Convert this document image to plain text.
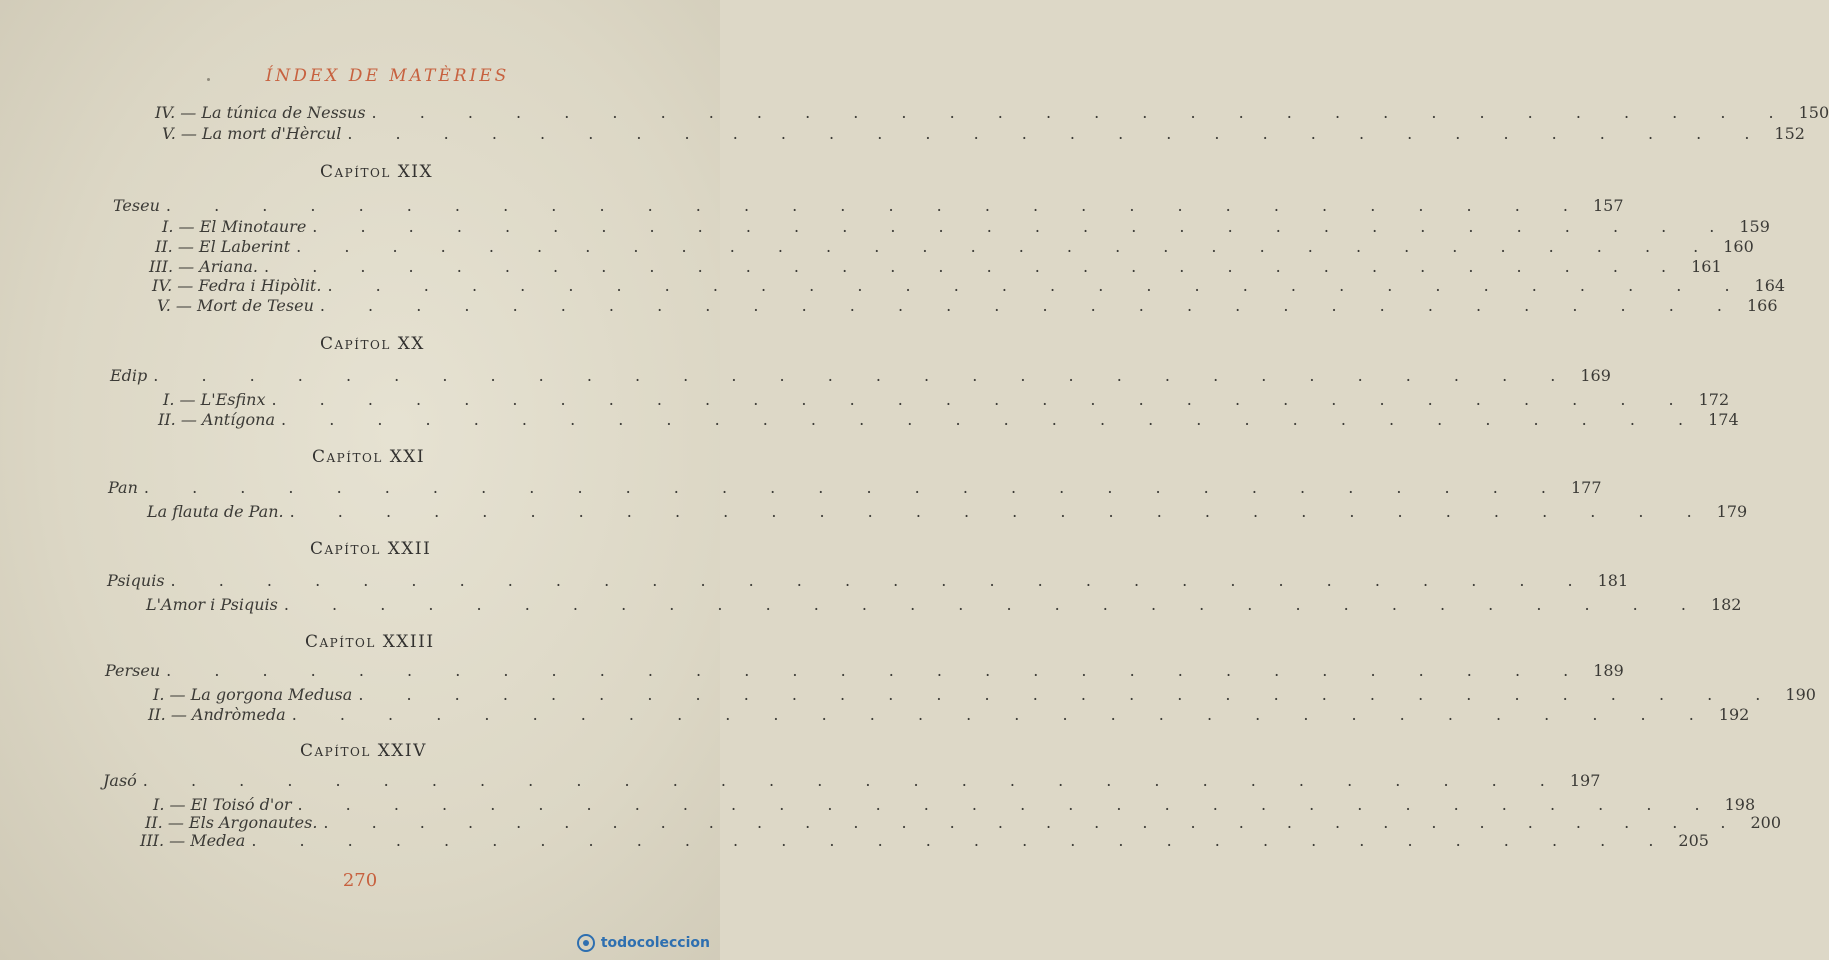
ÍNDEX DE MATÈRIES
IV. — La túnica de Nessus . . . . . . . . . . . . . . . . . . . . . . . . . . . . . . 150
V. — La mort d'Hèrcul . . . . . . . . . . . . . . . . . . . . . . . . . . . . . . 152
Capítol XIX
Teseu . . . . . . . . . . . . . . . . . . . . . . . . . . . . . . 157
I. — El Minotaure . . . . . . . . . . . . . . . . . . . . . . . . . . . . . . 159
II. — El Laberint . . . . . . . . . . . . . . . . . . . . . . . . . . . . . . 160
III. — Ariana. . . . . . . . . . . . . . . . . . . . . . . . . . . . . . . 161
IV. — Fedra i Hipòlit. . . . . . . . . . . . . . . . . . . . . . . . . . . . . . . 164
V. — Mort de Teseu . . . . . . . . . . . . . . . . . . . . . . . . . . . . . . 166
Capítol XX
Edip . . . . . . . . . . . . . . . . . . . . . . . . . . . . . . 169
I. — L'Esfinx . . . . . . . . . . . . . . . . . . . . . . . . . . . . . . 172
II. — Antígona . . . . . . . . . . . . . . . . . . . . . . . . . . . . . . 174
Capítol XXI
Pan . . . . . . . . . . . . . . . . . . . . . . . . . . . . . . 177
La flauta de Pan. . . . . . . . . . . . . . . . . . . . . . . . . . . . . . . 179
Capítol XXII
Psiquis . . . . . . . . . . . . . . . . . . . . . . . . . . . . . . 181
L'Amor i Psiquis . . . . . . . . . . . . . . . . . . . . . . . . . . . . . . 182
Capítol XXIII
Perseu . . . . . . . . . . . . . . . . . . . . . . . . . . . . . . 189
I. — La gorgona Medusa . . . . . . . . . . . . . . . . . . . . . . . . . . . . . . 190
II. — Andròmeda . . . . . . . . . . . . . . . . . . . . . . . . . . . . . . 192
Capítol XXIV
Jasó . . . . . . . . . . . . . . . . . . . . . . . . . . . . . . 197
I. — El Toisó d'or . . . . . . . . . . . . . . . . . . . . . . . . . . . . . . 198
II. — Els Argonautes. . . . . . . . . . . . . . . . . . . . . . . . . . . . . . . 200
III. — Medea . . . . . . . . . . . . . . . . . . . . . . . . . . . . . . 205
270
todocoleccion
